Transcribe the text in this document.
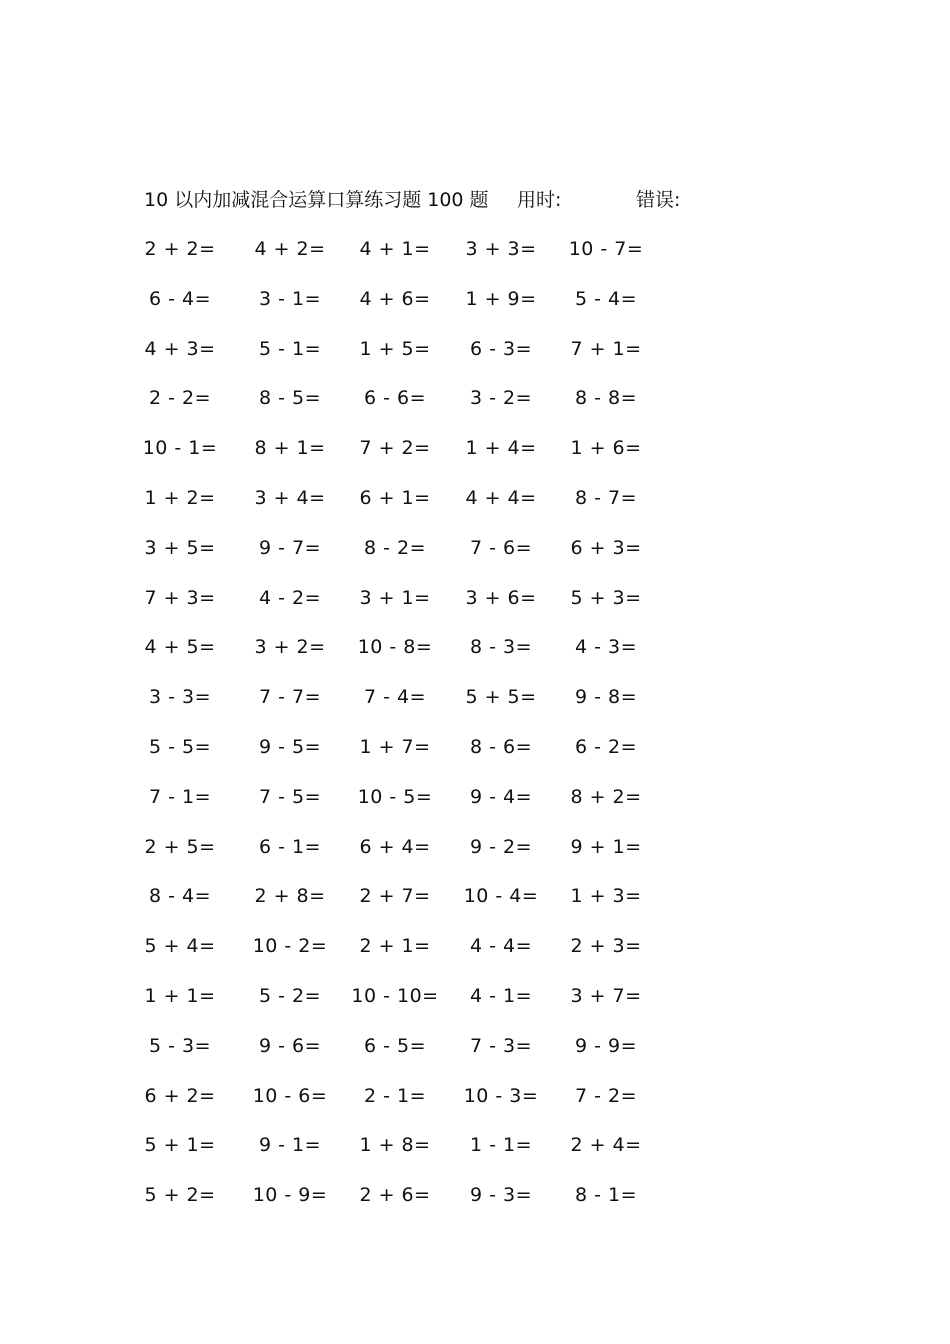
10 以内加减混合运算口算练习题 100 题 用时:	错误:
2 + 2=	4 + 2=	4 + 1=	3 + 3=	10 - 7=
6 - 4=	3 - 1=	4 + 6=	1 + 9=	5 - 4=
4 + 3=	5 - 1=	1 + 5=	6 - 3=	7 + 1=
2 - 2=	8 - 5=	6 - 6=	3 - 2=	8 - 8=
10 - 1=	8 + 1=	7 + 2=	1 + 4=	1 + 6=
1 + 2=	3 + 4=	6 + 1=	4 + 4=	8 - 7=
3 + 5=	9 - 7=	8 - 2=	7 - 6=	6 + 3=
7 + 3=	4 - 2=	3 + 1=	3 + 6=	5 + 3=
4 + 5=	3 + 2=	10 - 8=	8 - 3=	4 - 3=
3 - 3=	7 - 7=	7 - 4=	5 + 5=	9 - 8=
5 - 5=	9 - 5=	1 + 7=	8 - 6=	6 - 2=
7 - 1=	7 - 5=	10 - 5=	9 - 4=	8 + 2=
2 + 5=	6 - 1=	6 + 4=	9 - 2=	9 + 1=
8 - 4=	2 + 8=	2 + 7=	10 - 4=	1 + 3=
5 + 4=	10 - 2=	2 + 1=	4 - 4=	2 + 3=
1 + 1=	5 - 2=	10 - 10=	4 - 1=	3 + 7=
5 - 3=	9 - 6=	6 - 5=	7 - 3=	9 - 9=
6 + 2=	10 - 6=	2 - 1=	10 - 3=	7 - 2=
5 + 1=	9 - 1=	1 + 8=	1 - 1=	2 + 4=
5 + 2=	10 - 9=	2 + 6=	9 - 3=	8 - 1=
